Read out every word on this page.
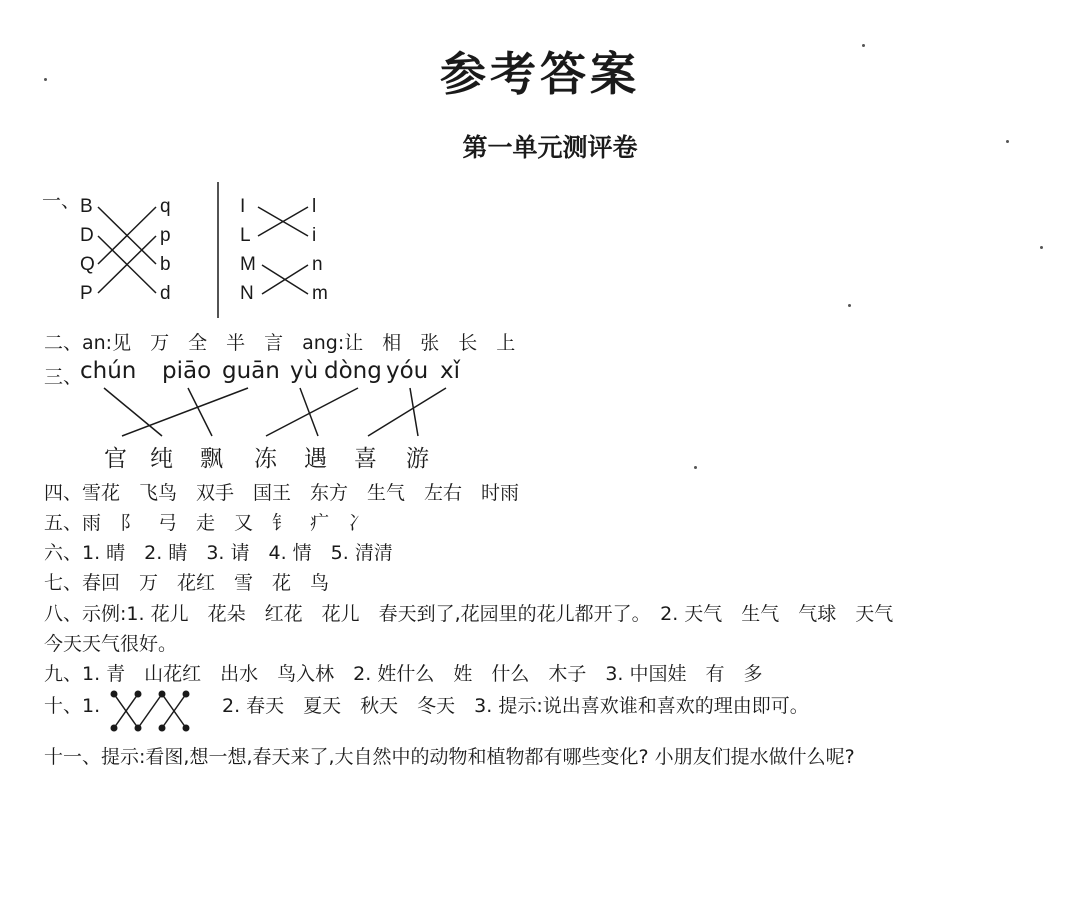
参考答案
第一单元测评卷
一、 B
D
Q
P
q
p
b
d
I
L
M
N
l
i
n
m
二、an:见　万　全　半　言　ang:让　相　张　长　上
三、
chún piāo guān yù dòng yóu xǐ
官 纯 飘 冻 遇 喜 游
四、雪花　飞鸟　双手　国王　东方　生气　左右　时雨
五、雨　阝　弓　走　又　钅　疒　冫
六、1. 晴　2. 睛　3. 请　4. 情　5. 清清
七、春回　万　花红　雪　花　鸟
八、示例:1. 花儿　花朵　红花　花儿　春天到了,花园里的花儿都开了。　2. 天气　生气　气球　天气
今天天气很好。
九、1. 青　山花红　出水　鸟入林　2. 姓什么　姓　什么　木子　3. 中国娃　有　多
十、1.	2. 春天　夏天　秋天　冬天　3. 提示:说出喜欢谁和喜欢的理由即可。
十一、提示:看图,想一想,春天来了,大自然中的动物和植物都有哪些变化? 小朋友们提水做什么呢?
